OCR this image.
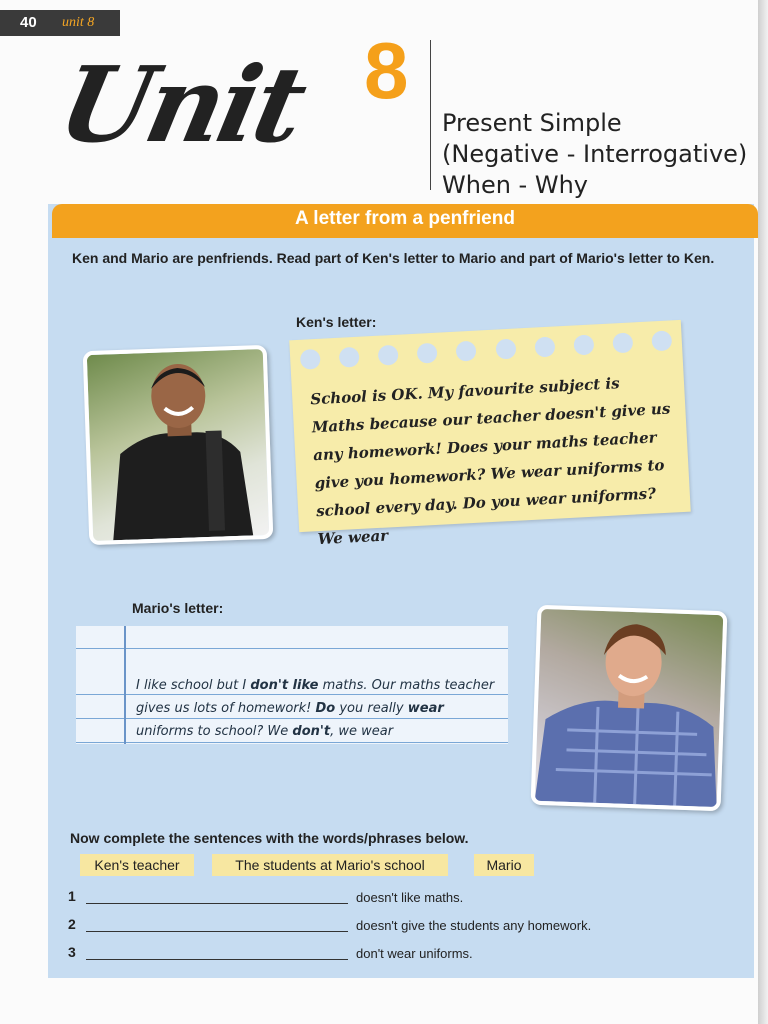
40 unit 8
Unit 8
Present Simple
(Negative - Interrogative)
When - Why
A letter from a penfriend
Ken and Mario are penfriends. Read part of Ken's letter to Mario and part of Mario's letter to Ken.
Ken's letter:
School is OK. My favourite subject is Maths because our teacher doesn't give us any homework! Does your maths teacher give you homework? We wear uniforms to school every day. Do you wear uniforms? We wear
Mario's letter:
I like school but I don't like maths. Our maths teacher gives us lots of homework! Do you really wear uniforms to school? We don't, we wear
Now complete the sentences with the words/phrases below.
Ken's teacher	The students at Mario's school	Mario
1	doesn't like maths.
2	doesn't give the students any homework.
3	don't wear uniforms.
